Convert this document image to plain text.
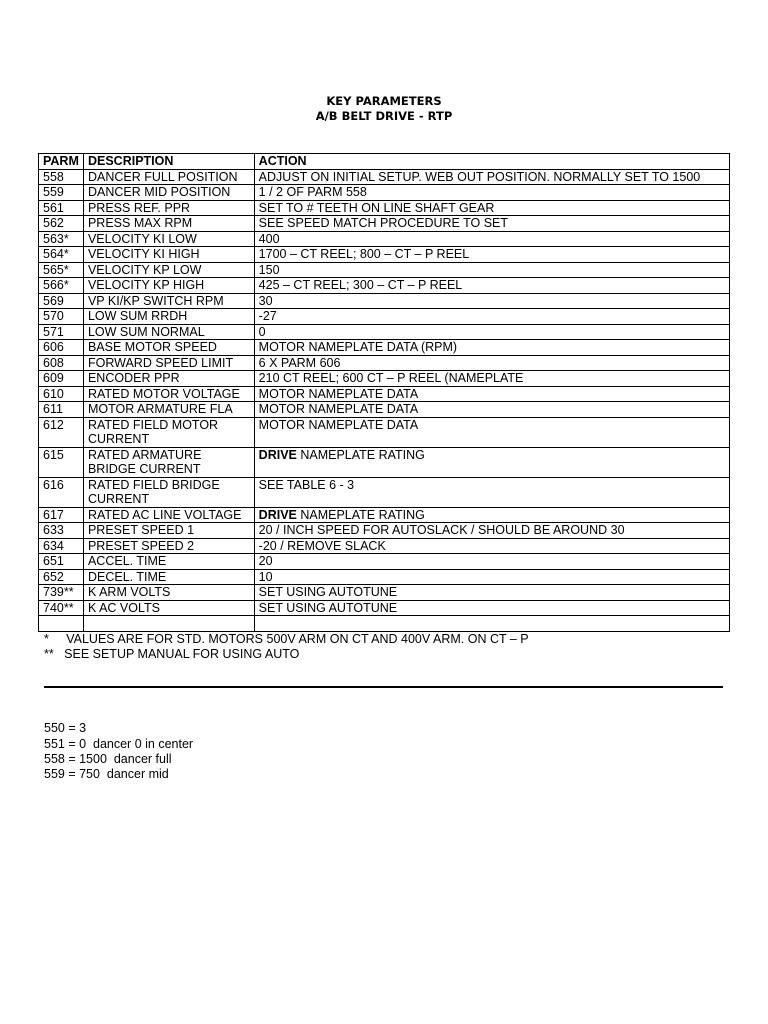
KEY PARAMETERS
A/B BELT DRIVE - RTP
PARM	DESCRIPTION	ACTION
558	DANCER FULL POSITION	ADJUST ON INITIAL SETUP. WEB OUT POSITION. NORMALLY SET TO 1500
559	DANCER MID POSITION	1 / 2 OF PARM 558
561	PRESS REF. PPR	SET TO # TEETH ON LINE SHAFT GEAR
562	PRESS MAX RPM	SEE SPEED MATCH PROCEDURE TO SET
563*	VELOCITY KI LOW	400
564*	VELOCITY KI HIGH	1700 – CT REEL; 800 – CT – P REEL
565*	VELOCITY KP LOW	150
566*	VELOCITY KP HIGH	425 – CT REEL; 300 – CT – P REEL
569	VP KI/KP SWITCH RPM	30
570	LOW SUM RRDH	-27
571	LOW SUM NORMAL	0
606	BASE MOTOR SPEED	MOTOR NAMEPLATE DATA (RPM)
608	FORWARD SPEED LIMIT	6 X PARM 606
609	ENCODER PPR	210 CT REEL; 600 CT – P REEL (NAMEPLATE
610	RATED MOTOR VOLTAGE	MOTOR NAMEPLATE DATA
611	MOTOR ARMATURE FLA	MOTOR NAMEPLATE DATA
612	RATED FIELD MOTOR CURRENT	MOTOR NAMEPLATE DATA
615	RATED ARMATURE BRIDGE CURRENT	DRIVE NAMEPLATE RATING
616	RATED FIELD BRIDGE CURRENT	SEE TABLE 6 - 3
617	RATED AC LINE VOLTAGE	DRIVE NAMEPLATE RATING
633	PRESET SPEED 1	20 / INCH SPEED FOR AUTOSLACK / SHOULD BE AROUND 30
634	PRESET SPEED 2	-20 / REMOVE SLACK
651	ACCEL. TIME	20
652	DECEL. TIME	10
739**	K ARM VOLTS	SET USING AUTOTUNE
740**	K AC VOLTS	SET USING AUTOTUNE

*     VALUES ARE FOR STD. MOTORS 500V ARM ON CT AND 400V ARM. ON CT – P
**   SEE SETUP MANUAL FOR USING AUTO
550 = 3
551 = 0  dancer 0 in center
558 = 1500  dancer full
559 = 750  dancer mid
